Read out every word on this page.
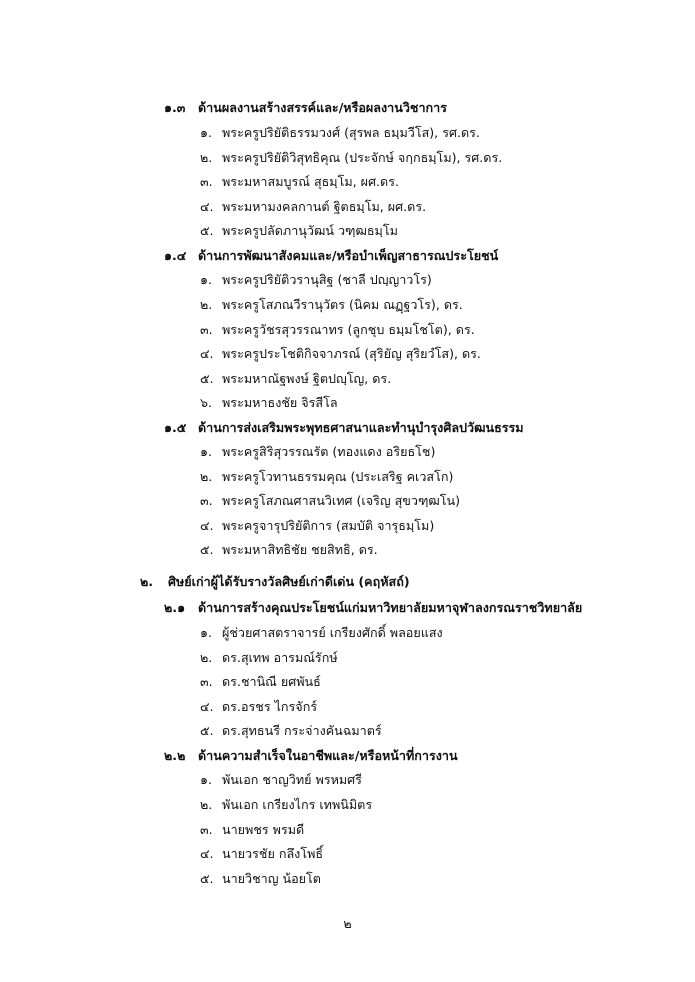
๑.๓ ด้านผลงานสร้างสรรค์และ/หรือผลงานวิชาการ
๑. พระครูปริยัติธรรมวงศ์ (สุรพล ธมฺมวีโส), รศ.ดร.
๒. พระครูปริยัติวิสุทธิคุณ (ประจักษ์ จกฺกธมฺโม), รศ.ดร.
๓. พระมหาสมบูรณ์ สุธมฺโม, ผศ.ดร.
๔. พระมหามงคลกานต์ ฐิตธมฺโม, ผศ.ดร.
๕. พระครูปลัดภานุวัฒน์ วฑฺฒธมฺโม
๑.๔ ด้านการพัฒนาสังคมและ/หรือบำเพ็ญสาธารณประโยชน์
๑. พระครูปริยัติวรานุสิฐ (ชาลี ปญฺญาวโร)
๒. พระครูโสภณวีรานุวัตร (นิคม ณฏฺฐวโร), ดร.
๓. พระครูวัชรสุวรรณาทร (ลูกชุบ ธมฺมโชโต), ดร.
๔. พระครูประโชติกิจจาภรณ์ (สุริยัญ สุริยวํโส), ดร.
๕. พระมหาณัฐพงษ์ ฐิตปญฺโญ, ดร.
๖. พระมหาธงชัย จิรสีโล
๑.๕ ด้านการส่งเสริมพระพุทธศาสนาและทำนุบำรุงศิลปวัฒนธรรม
๑. พระครูสิริสุวรรณรัต (ทองแดง อริยธโช)
๒. พระครูโวทานธรรมคุณ (ประเสริฐ คเวสโก)
๓. พระครูโสภณศาสนวิเทศ (เจริญ สุขวฑฺฒโน)
๔. พระครูจารุปริยัติการ (สมบัติ จารุธมฺโม)
๕. พระมหาสิทธิชัย ชยสิทธิ, ดร.
๒. ศิษย์เก่าผู้ได้รับรางวัลศิษย์เก่าดีเด่น (คฤหัสถ์)
๒.๑ ด้านการสร้างคุณประโยชน์แก่มหาวิทยาลัยมหาจุฬาลงกรณราชวิทยาลัย
๑. ผู้ช่วยศาสตราจารย์ เกรียงศักดิ์ พลอยแสง
๒. ดร.สุเทพ อารมณ์รักษ์
๓. ดร.ชานิณี ยศพันธ์
๔. ดร.อรชร ไกรจักร์
๕. ดร.สุทธนรี กระจ่างคันฉมาตร์
๒.๒ ด้านความสำเร็จในอาชีพและ/หรือหน้าที่การงาน
๑. พันเอก ชาญวิทย์ พรหมศรี
๒. พันเอก เกรียงไกร เทพนิมิตร
๓. นายพชร พรมดี
๔. นายวรชัย กลึงโพธิ์
๕. นายวิชาญ น้อยโต
๒
